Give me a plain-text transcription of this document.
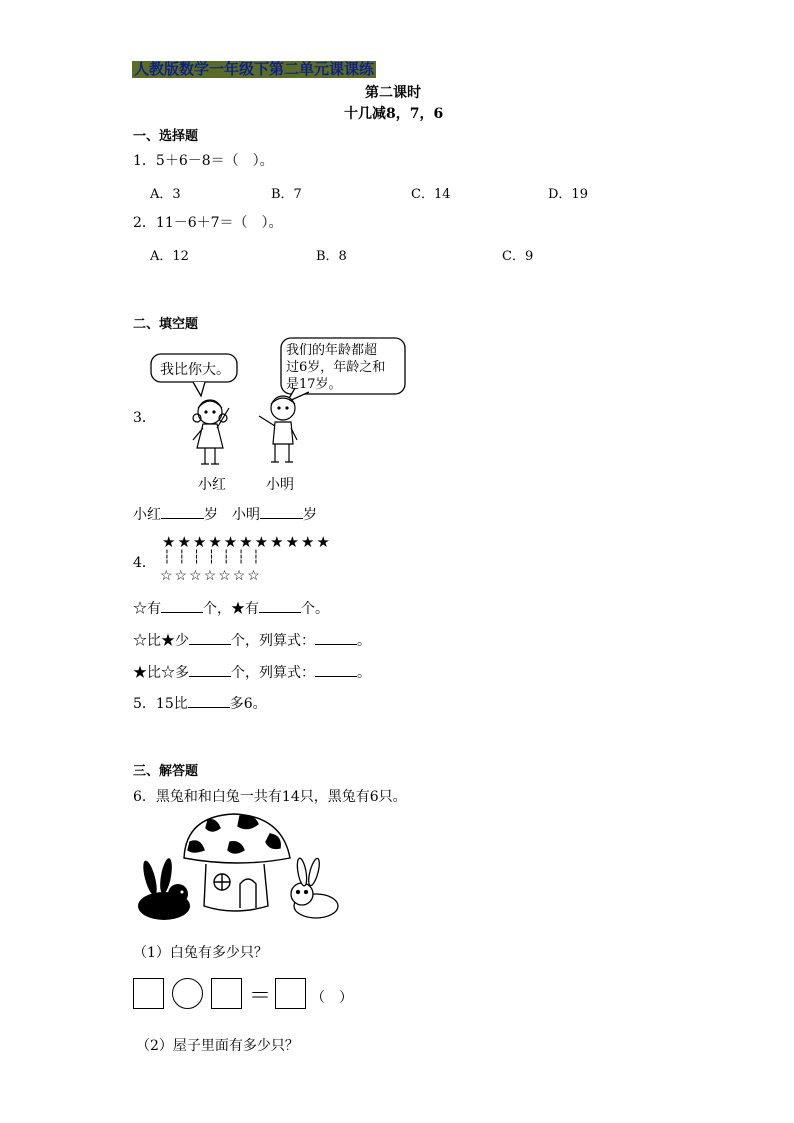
人教版数学一年级下第二单元课课练
第二课时
十几减8，7，6
一、选择题
1．5＋6－8＝（　）。
A．3	B．7	C．14	D．19
2．11－6＋7＝（　）。
A．12	B．8	C．9
二、填空题
3．
我比你大。
我们的年龄都超
过6岁，年龄之和
是17岁。
小红	小明
小红	岁　小明	岁
★★★★★★★★★★★
4． ┆┆┆┆┆┆┆
☆☆☆☆☆☆☆
☆有	个，★有	个。
☆比★少	个，列算式：	。
★比☆多	个，列算式：	。
5．15比	多6。
三、解答题
6．黑兔和和白兔一共有14只，黑兔有6只。
（1）白兔有多少只？
＝	（　）
（2）屋子里面有多少只？
